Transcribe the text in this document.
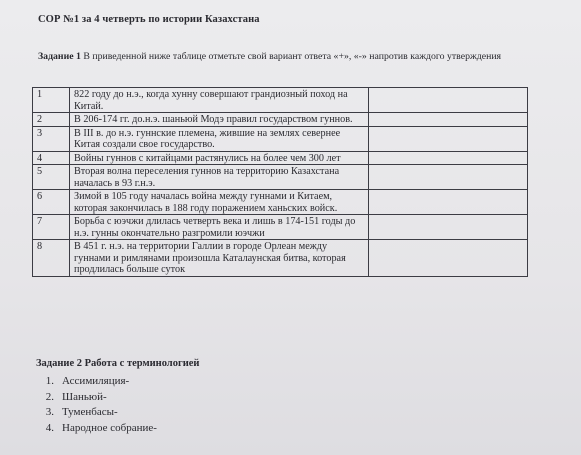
СОР №1 за 4 четверть по истории Казахстана
Задание 1 В приведенной ниже таблице отметьте свой вариант ответа «+», «-» напротив каждого утверждения
1	822 году до н.э., когда хунну совершают грандиозный поход на Китай.	
2	В 206-174 гг. до.н.э. шаньюй Модэ правил государством гуннов.	
3	В III в. до н.э. гуннские племена, жившие на землях севернее Китая создали свое государство.	
4	Войны гуннов с китайцами растянулись на более чем 300 лет	
5	Вторая волна переселения гуннов на территорию Казахстана началась в 93 г.н.э.	
6	Зимой в 105 году началась война между гуннами и Китаем, которая закончилась в 188 году поражением ханьских войск.	
7	Борьба с юэчжи длилась четверть века и лишь в 174-151 годы до н.э. гунны окончательно разгромили юэчжи	
8	В 451 г. н.э. на территории Галлии в городе Орлеан между гуннами и римлянами произошла Каталаунская битва, которая продлилась больше суток	
Задание 2 Работа с терминологией
1. Ассимиляция-
2. Шаньюй-
3. Туменбасы-
4. Народное собрание-
